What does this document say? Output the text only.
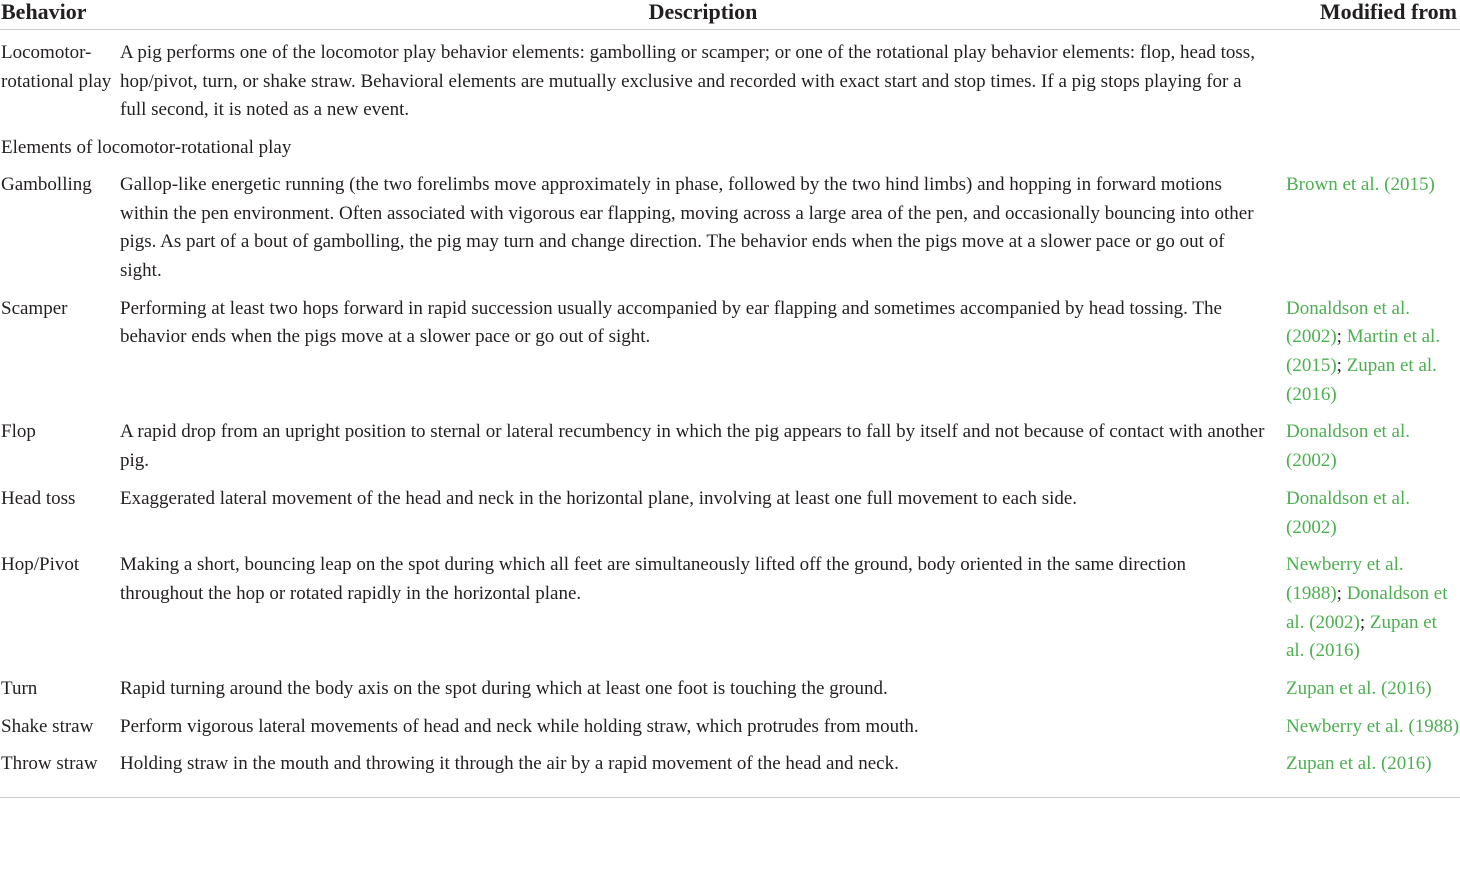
Behavior	Description	Modified from
Locomotor-rotational play	A pig performs one of the locomotor play behavior elements: gambolling or scamper; or one of the rotational play behavior elements: flop, head toss, hop/pivot, turn, or shake straw. Behavioral elements are mutually exclusive and recorded with exact start and stop times. If a pig stops playing for a full second, it is noted as a new event.	
Elements of locomotor-rotational play		
Gambolling	Gallop-like energetic running (the two forelimbs move approximately in phase, followed by the two hind limbs) and hopping in forward motions within the pen environment. Often associated with vigorous ear flapping, moving across a large area of the pen, and occasionally bouncing into other pigs. As part of a bout of gambolling, the pig may turn and change direction. The behavior ends when the pigs move at a slower pace or go out of sight.	Brown et al. (2015)
Scamper	Performing at least two hops forward in rapid succession usually accompanied by ear flapping and sometimes accompanied by head tossing. The behavior ends when the pigs move at a slower pace or go out of sight.	Donaldson et al. (2002); Martin et al. (2015); Zupan et al. (2016)
Flop	A rapid drop from an upright position to sternal or lateral recumbency in which the pig appears to fall by itself and not because of contact with another pig.	Donaldson et al. (2002)
Head toss	Exaggerated lateral movement of the head and neck in the horizontal plane, involving at least one full movement to each side.	Donaldson et al. (2002)
Hop/Pivot	Making a short, bouncing leap on the spot during which all feet are simultaneously lifted off the ground, body oriented in the same direction throughout the hop or rotated rapidly in the horizontal plane.	Newberry et al. (1988); Donaldson et al. (2002); Zupan et al. (2016)
Turn	Rapid turning around the body axis on the spot during which at least one foot is touching the ground.	Zupan et al. (2016)
Shake straw	Perform vigorous lateral movements of head and neck while holding straw, which protrudes from mouth.	Newberry et al. (1988)
Throw straw	Holding straw in the mouth and throwing it through the air by a rapid movement of the head and neck.	Zupan et al. (2016)
